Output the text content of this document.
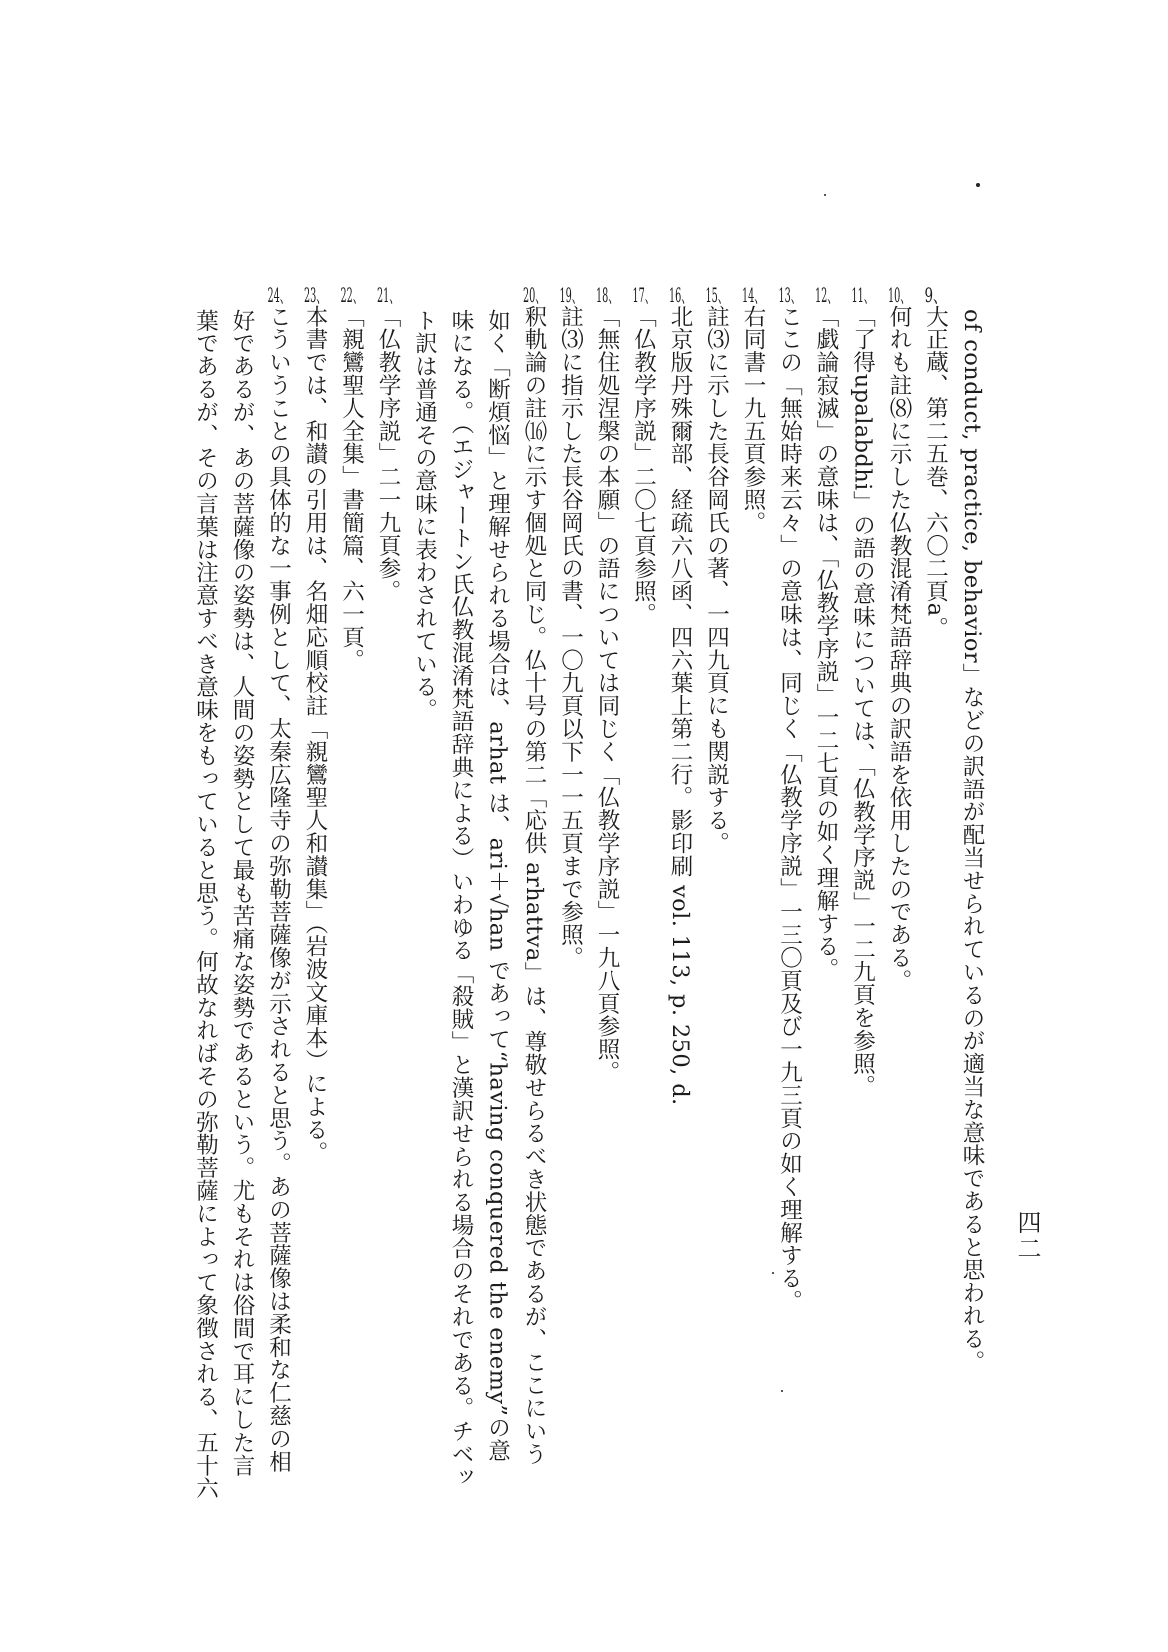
四二
of conduct, practice, behavior」などの訳語が配当せられているのが適当な意味であると思われる。
9、大正蔵、第二五巻、六〇二頁a。
10、何れも註⑻に示した仏教混淆梵語辞典の訳語を依用したのである。
11、「了得upalabdhi」の語の意味については、「仏教学序説」一二九頁を参照。
12、「戯論寂滅」の意味は、「仏教学序説」一二七頁の如く理解する。
13、ここの「無始時来云々」の意味は、同じく「仏教学序説」一三〇頁及び一九三頁の如く理解する。
14、右同書一九五頁参照。
15、註⑶に示した長谷岡氏の著、一四九頁にも関説する。
16、北京版丹殊爾部、経疏六八函、四六葉上第二行。影印刷 vol. 113, p. 250, d.
17、「仏教学序説」二〇七頁参照。
18、「無住処涅槃の本願」の語については同じく「仏教学序説」一九八頁参照。
19、註⑶に指示した長谷岡氏の書、一〇九頁以下一一五頁まで参照。
20、釈軌論の註⒃に示す個処と同じ。仏十号の第二「応供 arhattva」は、尊敬せらるべき状態であるが、ここにいう
如く「断煩悩」と理解せられる場合は、arhat は、ari＋√han であって“having conquered the enemy”の意
味になる。（エジャートン氏仏教混淆梵語辞典による）いわゆる「殺賊」と漢訳せられる場合のそれである。チベッ
ト訳は普通その意味に表わされている。
21、「仏教学序説」二一九頁参。
22、「親鸞聖人全集」書簡篇、六一頁。
23、本書では、和讃の引用は、名畑応順校註「親鸞聖人和讃集」（岩波文庫本）による。
24、こういうことの具体的な一事例として、太秦広隆寺の弥勒菩薩像が示されると思う。あの菩薩像は柔和な仁慈の相
好であるが、あの菩薩像の姿勢は、人間の姿勢として最も苦痛な姿勢であるという。尤もそれは俗間で耳にした言
葉であるが、その言葉は注意すべき意味をもっていると思う。何故なればその弥勒菩薩によって象徴される、五十六
